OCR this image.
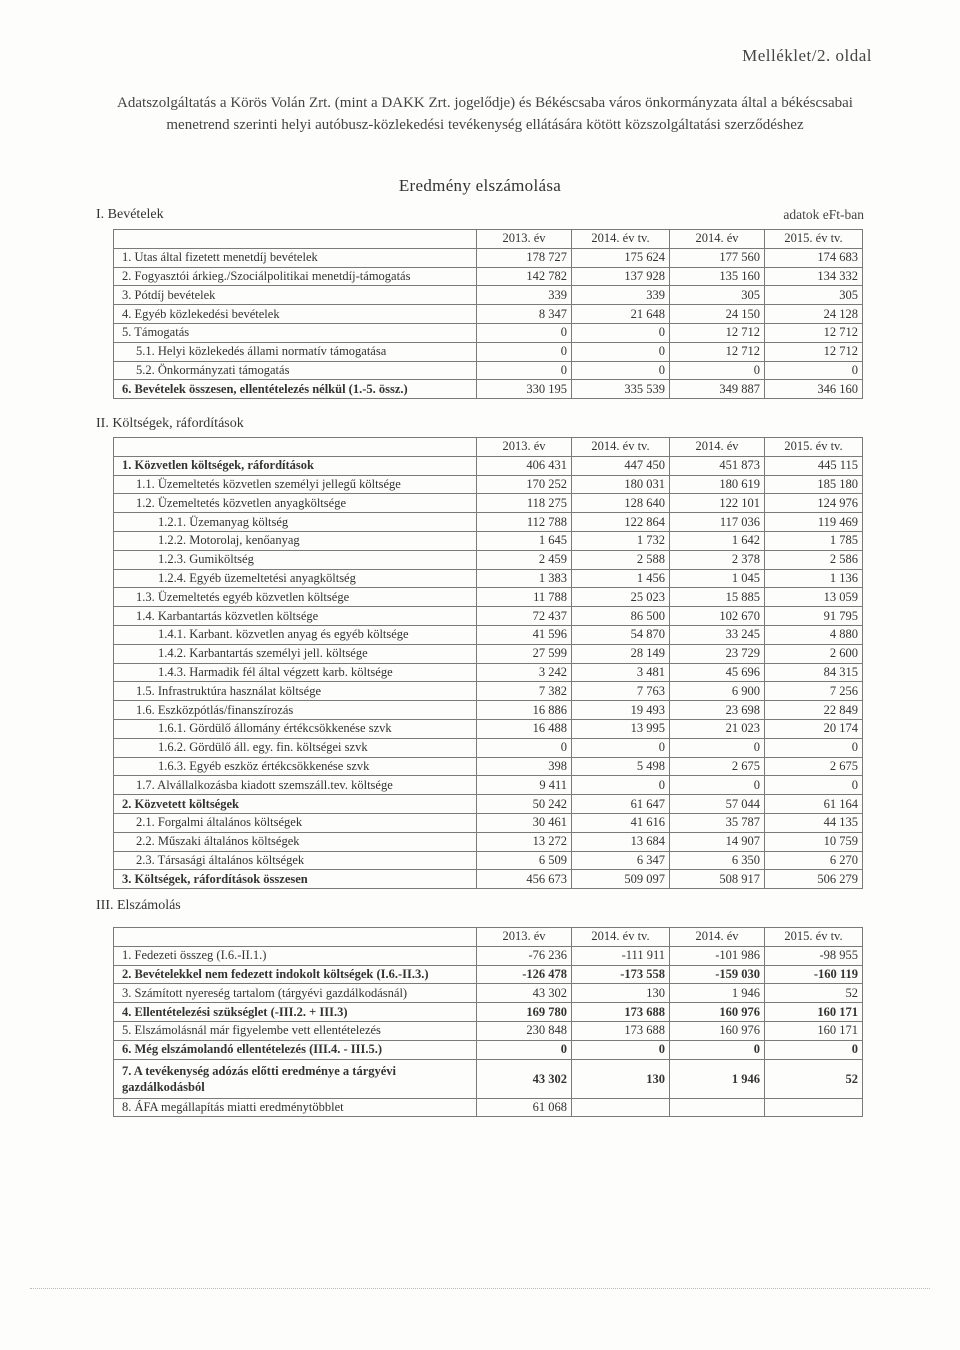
Melléklet/2. oldal
Adatszolgáltatás a Körös Volán Zrt. (mint a DAKK Zrt. jogelődje) és Békéscsaba város önkormányzata által a békéscsabai menetrend szerinti helyi autóbusz-közlekedési tevékenység ellátására kötött közszolgáltatási szerződéshez
Eredmény elszámolása
I. Bevételek	adatok eFt-ban
	2013. év	2014. év tv.	2014. év	2015. év tv.
1. Utas által fizetett menetdíj bevételek	178 727	175 624	177 560	174 683
2. Fogyasztói árkieg./Szociálpolitikai menetdíj-támogatás	142 782	137 928	135 160	134 332
3. Pótdíj bevételek	339	339	305	305
4. Egyéb közlekedési bevételek	8 347	21 648	24 150	24 128
5. Támogatás	0	0	12 712	12 712
5.1. Helyi közlekedés állami normatív támogatása	0	0	12 712	12 712
5.2. Önkormányzati támogatás	0	0	0	0
6. Bevételek összesen, ellentételezés nélkül (1.-5. össz.)	330 195	335 539	349 887	346 160
II. Költségek, ráfordítások
	2013. év	2014. év tv.	2014. év	2015. év tv.
1. Közvetlen költségek, ráfordítások	406 431	447 450	451 873	445 115
1.1. Üzemeltetés közvetlen személyi jellegű költsége	170 252	180 031	180 619	185 180
1.2. Üzemeltetés közvetlen anyagköltsége	118 275	128 640	122 101	124 976
1.2.1. Üzemanyag költség	112 788	122 864	117 036	119 469
1.2.2. Motorolaj, kenőanyag	1 645	1 732	1 642	1 785
1.2.3. Gumiköltség	2 459	2 588	2 378	2 586
1.2.4. Egyéb üzemeltetési anyagköltség	1 383	1 456	1 045	1 136
1.3. Üzemeltetés egyéb közvetlen költsége	11 788	25 023	15 885	13 059
1.4. Karbantartás közvetlen költsége	72 437	86 500	102 670	91 795
1.4.1. Karbant. közvetlen anyag és egyéb költsége	41 596	54 870	33 245	4 880
1.4.2. Karbantartás személyi jell. költsége	27 599	28 149	23 729	2 600
1.4.3. Harmadik fél által végzett karb. költsége	3 242	3 481	45 696	84 315
1.5. Infrastruktúra használat költsége	7 382	7 763	6 900	7 256
1.6. Eszközpótlás/finanszírozás	16 886	19 493	23 698	22 849
1.6.1. Gördülő állomány értékcsökkenése szvk	16 488	13 995	21 023	20 174
1.6.2. Gördülő áll. egy. fin. költségei szvk	0	0	0	0
1.6.3. Egyéb eszköz értékcsökkenése szvk	398	5 498	2 675	2 675
1.7. Alvállalkozásba kiadott szemszáll.tev. költsége	9 411	0	0	0
2. Közvetett költségek	50 242	61 647	57 044	61 164
2.1. Forgalmi általános költségek	30 461	41 616	35 787	44 135
2.2. Műszaki általános költségek	13 272	13 684	14 907	10 759
2.3. Társasági általános költségek	6 509	6 347	6 350	6 270
3. Költségek, ráfordítások összesen	456 673	509 097	508 917	506 279
III. Elszámolás
	2013. év	2014. év tv.	2014. év	2015. év tv.
1. Fedezeti összeg (I.6.-II.1.)	-76 236	-111 911	-101 986	-98 955
2. Bevételekkel nem fedezett indokolt költségek (I.6.-II.3.)	-126 478	-173 558	-159 030	-160 119
3. Számított nyereség tartalom (tárgyévi gazdálkodásnál)	43 302	130	1 946	52
4. Ellentételezési szükséglet (-III.2. + III.3)	169 780	173 688	160 976	160 171
5. Elszámolásnál már figyelembe vett ellentételezés	230 848	173 688	160 976	160 171
6. Még elszámolandó ellentételezés (III.4. - III.5.)	0	0	0	0
7. A tevékenység adózás előtti eredménye a tárgyévi gazdálkodásból	43 302	130	1 946	52
8. ÁFA megállapítás miatti eredménytöbblet	61 068			
